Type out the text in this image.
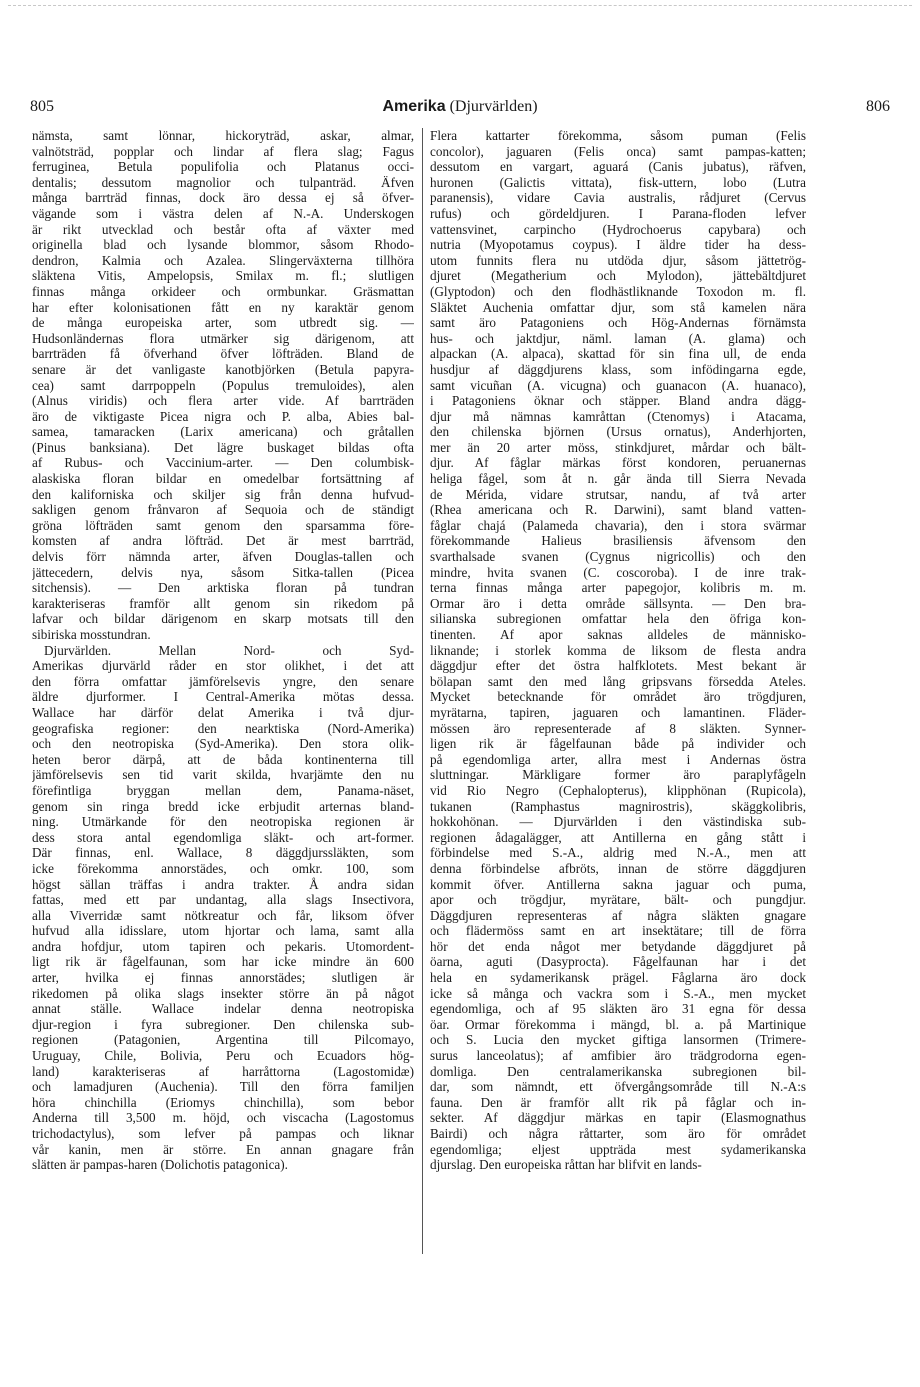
805	Amerika (Djurvärlden)	806
nämsta, samt lönnar, hickoryträd, askar, almar,
valnötsträd, popplar och lindar af flera slag; Fagus
ferruginea, Betula populifolia och Platanus occi-
dentalis; dessutom magnolior och tulpanträd. Äfven
många barrträd finnas, dock äro dessa ej så öfver-
vägande som i västra delen af N.-A. Underskogen
är rikt utvecklad och består ofta af växter med
originella blad och lysande blommor, såsom Rhodo-
dendron, Kalmia och Azalea. Slingerväxterna tillhöra
släktena Vitis, Ampelopsis, Smilax m. fl.; slutligen
finnas många orkideer och ormbunkar. Gräsmattan
har efter kolonisationen fått en ny karaktär genom
de många europeiska arter, som utbredt sig. —
Hudsonländernas flora utmärker sig därigenom, att
barrträden få öfverhand öfver löfträden. Bland de
senare är det vanligaste kanotbjörken (Betula papyra-
cea) samt darrpoppeln (Populus tremuloides), alen
(Alnus viridis) och flera arter vide. Af barrträden
äro de viktigaste Picea nigra och P. alba, Abies bal-
samea, tamaracken (Larix americana) och gråtallen
(Pinus banksiana). Det lägre buskaget bildas ofta
af Rubus- och Vaccinium-arter. — Den columbisk-
alaskiska floran bildar en omedelbar fortsättning af
den kaliforniska och skiljer sig från denna hufvud-
sakligen genom frånvaron af Sequoia och de ständigt
gröna löfträden samt genom den sparsamma före-
komsten af andra löfträd. Det är mest barrträd,
delvis förr nämnda arter, äfven Douglas-tallen och
jättecedern, delvis nya, såsom Sitka-tallen (Picea
sitchensis). — Den arktiska floran på tundran
karakteriseras framför allt genom sin rikedom på
lafvar och bildar därigenom en skarp motsats till den
sibiriska mosstundran.
Djurvärlden. Mellan Nord- och Syd-
Amerikas djurvärld råder en stor olikhet, i det att
den förra omfattar jämförelsevis yngre, den senare
äldre djurformer. I Central-Amerika mötas dessa.
Wallace har därför delat Amerika i två djur-
geografiska regioner: den nearktiska (Nord-Amerika)
och den neotropiska (Syd-Amerika). Den stora olik-
heten beror därpå, att de båda kontinenterna till
jämförelsevis sen tid varit skilda, hvarjämte den nu
förefintliga bryggan mellan dem, Panama-näset,
genom sin ringa bredd icke erbjudit arternas bland-
ning. Utmärkande för den neotropiska regionen är
dess stora antal egendomliga släkt- och art-former.
Där finnas, enl. Wallace, 8 däggdjurssläkten, som
icke förekomma annorstädes, och omkr. 100, som
högst sällan träffas i andra trakter. Å andra sidan
fattas, med ett par undantag, alla slags Insectivora,
alla Viverridæ samt nötkreatur och får, liksom öfver
hufvud alla idisslare, utom hjortar och lama, samt alla
andra hofdjur, utom tapiren och pekaris. Utomordent-
ligt rik är fågelfaunan, som har icke mindre än 600
arter, hvilka ej finnas annorstädes; slutligen är
rikedomen på olika slags insekter större än på något
annat ställe. Wallace indelar denna neotropiska
djur-region i fyra subregioner. Den chilenska sub-
regionen (Patagonien, Argentina till Pilcomayo,
Uruguay, Chile, Bolivia, Peru och Ecuadors hög-
land) karakteriseras af harråttorna (Lagostomidæ)
och lamadjuren (Auchenia). Till den förra familjen
höra chinchilla (Eriomys chinchilla), som bebor
Anderna till 3,500 m. höjd, och viscacha (Lagostomus
trichodactylus), som lefver på pampas och liknar
vår kanin, men är större. En annan gnagare från
slätten är pampas-haren (Dolichotis patagonica).
Flera kattarter förekomma, såsom puman (Felis
concolor), jaguaren (Felis onca) samt pampas-katten;
dessutom en vargart, aguará (Canis jubatus), räfven,
huronen (Galictis vittata), fisk-uttern, lobo (Lutra
paranensis), vidare Cavia australis, rådjuret (Cervus
rufus) och gördeldjuren. I Parana-floden lefver
vattensvinet, carpincho (Hydrochoerus capybara) och
nutria (Myopotamus coypus). I äldre tider ha dess-
utom funnits flera nu utdöda djur, såsom jättetrög-
djuret (Megatherium och Mylodon), jättebältdjuret
(Glyptodon) och den flodhästliknande Toxodon m. fl.
Släktet Auchenia omfattar djur, som stå kamelen nära
samt äro Patagoniens och Hög-Andernas förnämsta
hus- och jaktdjur, näml. laman (A. glama) och
alpackan (A. alpaca), skattad för sin fina ull, de enda
husdjur af däggdjurens klass, som infödingarna egde,
samt vicuñan (A. vicugna) och guanacon (A. huanaco),
i Patagoniens öknar och stäpper. Bland andra dägg-
djur må nämnas kamråttan (Ctenomys) i Atacama,
den chilenska björnen (Ursus ornatus), Anderhjorten,
mer än 20 arter möss, stinkdjuret, mårdar och bält-
djur. Af fåglar märkas först kondoren, peruanernas
heliga fågel, som åt n. går ända till Sierra Nevada
de Mérida, vidare strutsar, nandu, af två arter
(Rhea americana och R. Darwini), samt bland vatten-
fåglar chajá (Palameda chavaria), den i stora svärmar
förekommande Halieus brasiliensis äfvensom den
svarthalsade svanen (Cygnus nigricollis) och den
mindre, hvita svanen (C. coscoroba). I de inre trak-
terna finnas många arter papegojor, kolibris m. m.
Ormar äro i detta område sällsynta. — Den bra-
silianska subregionen omfattar hela den öfriga kon-
tinenten. Af apor saknas alldeles de människo-
liknande; i storlek komma de liksom de flesta andra
däggdjur efter det östra halfklotets. Mest bekant är
bölapan samt den med lång gripsvans försedda Ateles.
Mycket betecknande för området äro trögdjuren,
myrätarna, tapiren, jaguaren och lamantinen. Fläder-
mössen äro representerade af 8 släkten. Synner-
ligen rik är fågelfaunan både på individer och
på egendomliga arter, allra mest i Andernas östra
sluttningar. Märkligare former äro paraplyfågeln
vid Rio Negro (Cephalopterus), klipphönan (Rupicola),
tukanen (Ramphastus magnirostris), skäggkolibris,
hokkohönan. — Djurvärlden i den västindiska sub-
regionen ådagalägger, att Antillerna en gång stått i
förbindelse med S.-A., aldrig med N.-A., men att
denna förbindelse afbröts, innan de större däggdjuren
kommit öfver. Antillerna sakna jaguar och puma,
apor och trögdjur, myrätare, bält- och pungdjur.
Däggdjuren representeras af några släkten gnagare
och flädermöss samt en art insektätare; till de förra
hör det enda något mer betydande däggdjuret på
öarna, aguti (Dasyprocta). Fågelfaunan har i det
hela en sydamerikansk prägel. Fåglarna äro dock
icke så många och vackra som i S.-A., men mycket
egendomliga, och af 95 släkten äro 31 egna för dessa
öar. Ormar förekomma i mängd, bl. a. på Martinique
och S. Lucia den mycket giftiga lansormen (Trimere-
surus lanceolatus); af amfibier äro trädgrodorna egen-
domliga. Den centralamerikanska subregionen bil-
dar, som nämndt, ett öfvergångsområde till N.-A:s
fauna. Den är framför allt rik på fåglar och in-
sekter. Af däggdjur märkas en tapir (Elasmognathus
Bairdi) och några råttarter, som äro för området
egendomliga; eljest uppträda mest sydamerikanska
djurslag. Den europeiska råttan har blifvit en lands-
